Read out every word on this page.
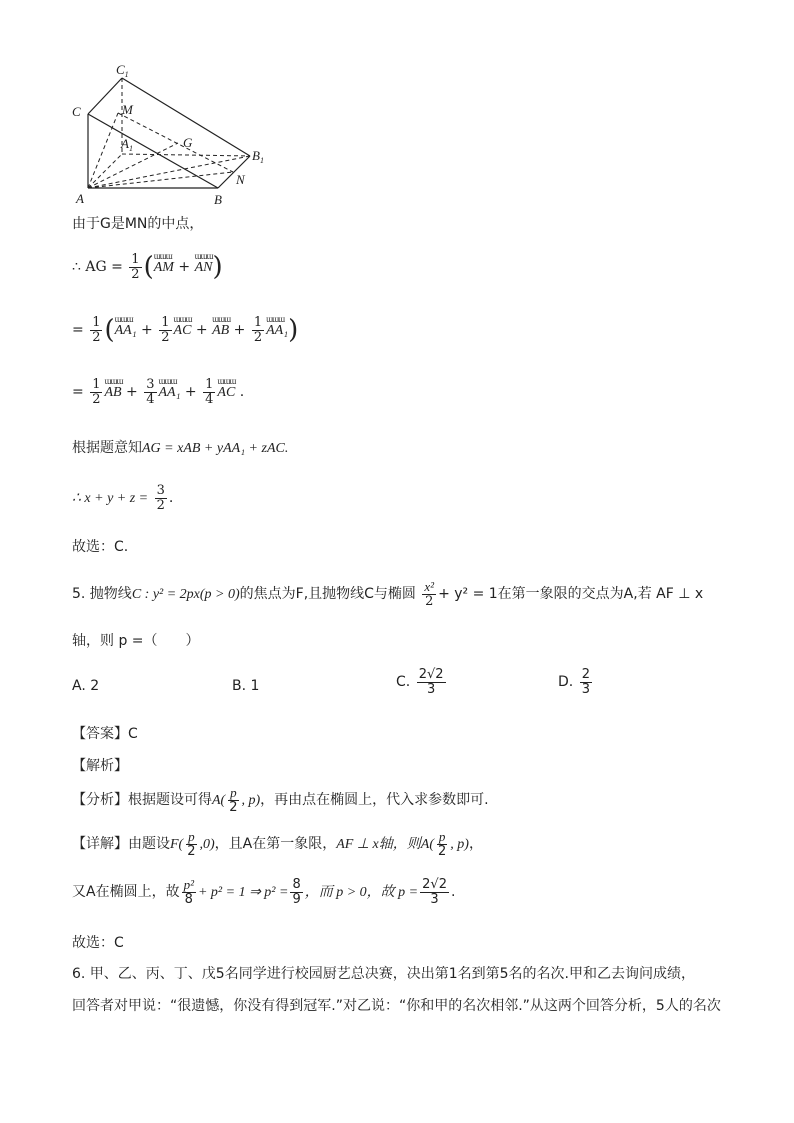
$C_1$
C	M
$A_1$	G
$B_1$
N
A	B
由于G是MN的中点，
∴ AG = $\frac{1}{2}$ (ɯɯɯ AM + ɯɯɯ AN)
= $\frac{1}{2}$ (ɯɯɯ $AA_1 + \frac{1}{2}$ ɯɯɯ AC + ɯɯɯ AB + $\frac{1}{2}$ ɯɯɯ AA₁)
= $\frac{1}{2}$ ɯɯɯ AB + $\frac{3}{4}$ ɯɯɯ $AA_1 + \frac{1}{4}$ ɯɯɯ AC .
根据题意知AG = xAB + yAA₁ + zAC.
∴ $x + y + z = \frac{3}{2}$ .
故选：C.
5. 抛物线C : y² = 2px(p > 0)的焦点为F,且抛物线C与椭圆 $\frac{\text{x²}}{2} + y^2 = 1$在第一象限的交点为A,若 AF ⊥ x
轴，则 p =（　　）
A. 2	B. 1	C. $\frac{2√2}{3}$	D. $\frac{2}{3}$
【答案】C
【解析】
【分析】根据题设可得$A( \frac{p}{2}$ , p)，再由点在椭圆上，代入求参数即可.
【详解】由题设$F( \frac{p}{2} ,0)$，且A在第一象限，AF ⊥ x轴，则$A( \frac{p}{2}$ , p)，
又A在椭圆上，故 $\frac{\text{p²}}{8} + p^2 = 1$ ⇒ $p^2 = \frac{8}{9}$ ，而 p > 0，故 $p = \frac{2√2}{3}$ .
故选：C
6. 甲、乙、丙、丁、戊5名同学进行校园厨艺总决赛，决出第1名到第5名的名次.甲和乙去询问成绩，
回答者对甲说：“很遗憾，你没有得到冠军.”对乙说：“你和甲的名次相邻.”从这两个回答分析，5人的名次
